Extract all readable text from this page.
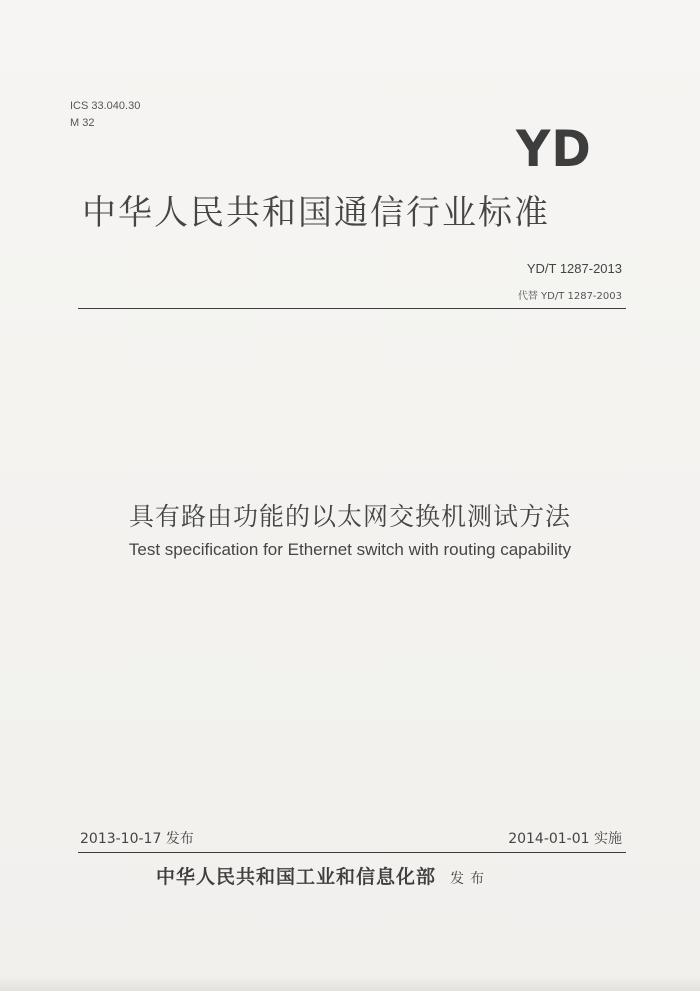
ICS 33.040.30
M 32	YD
中华人民共和国通信行业标准
YD/T 1287-2013
代替 YD/T 1287-2003
具有路由功能的以太网交换机测试方法
Test specification for Ethernet switch with routing capability
2013-10-17 发布	2014-01-01 实施
中华人民共和国工业和信息化部 发布
